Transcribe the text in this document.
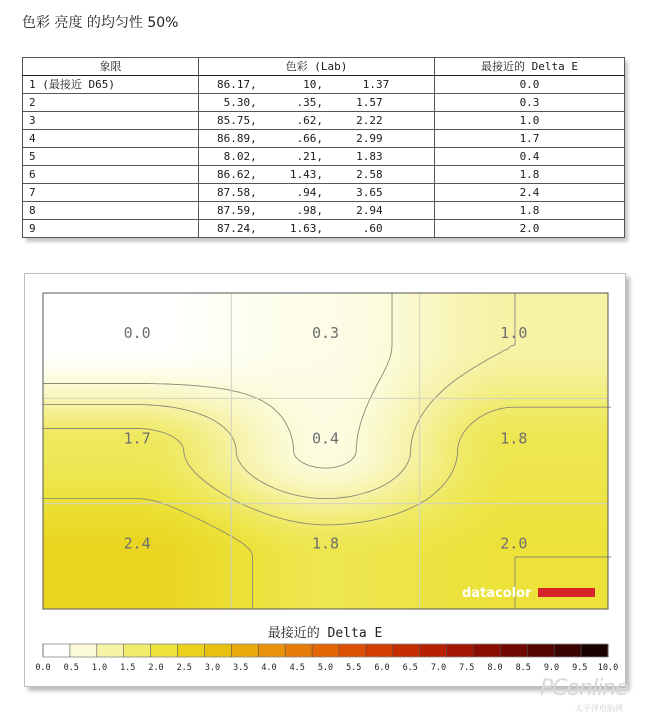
色彩 亮度 的均匀性 50%
象限	色彩 (Lab)	最接近的 Delta E
1 (最接近 D65)	86.17,       10,      1.37	0.0
2	5.30,      .35,     1.57	0.3
3	85.75,      .62,     2.22	1.0
4	86.89,      .66,     2.99	1.7
5	8.02,      .21,     1.83	0.4
6	86.62,     1.43,     2.58	1.8
7	87.58,      .94,     3.65	2.4
8	87.59,      .98,     2.94	1.8
9	87.24,     1.63,      .60	2.0
0.0	0.3	1.0
1.7	0.4	1.8
2.4	1.8	2.0
datacolor
最接近的 Delta E
0.0 0.5 1.0 1.5 2.0 2.5 3.0 3.5 4.0 4.5 5.0 5.5 6.0 6.5 7.0 7.5 8.0 8.5 9.0 9.5 10.0
PConline
太平洋电脑网
